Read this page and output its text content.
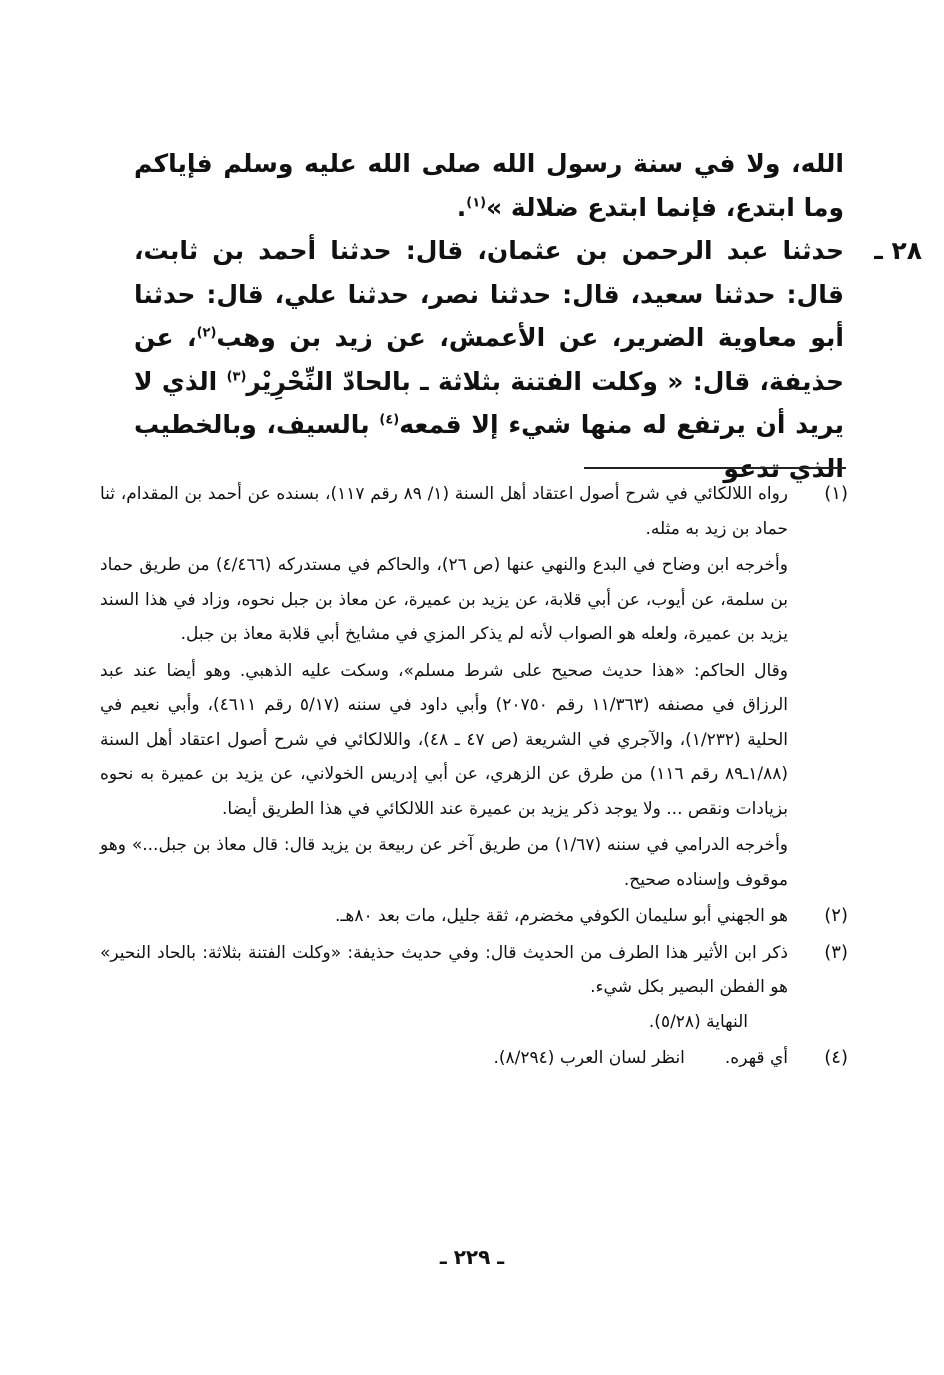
الله، ولا في سنة رسول الله صلى الله عليه وسلم فإياكم وما ابتدع، فإنما ابتدع ضلالة »$^{(١)}$.

٢٨ ـ

حدثنا عبد الرحمن بن عثمان، قال: حدثنا أحمد بن ثابت، قال: حدثنا سعيد، قال: حدثنا نصر، حدثنا علي، قال: حدثنا أبو معاوية الضرير، عن الأعمش، عن زيد بن وهب$^{(٢)}$، عن حذيفة، قال: « وكلت الفتنة بثلاثة ـ بالحادّ النِّحْرِيْر$^{(٣)}$ الذي لا يريد أن يرتفع له منها شيء إلا قمعه$^{(٤)}$ بالسيف، وبالخطيب الذي تدعو

(١)

رواه اللالكائي في شرح أصول اعتقاد أهل السنة (١/ ٨٩ رقم ١١٧)، بسنده عن أحمد بن المقدام، ثنا حماد بن زيد به مثله.

وأخرجه ابن وضاح في البدع والنهي عنها (ص ٢٦)، والحاكم في مستدركه (٤/٤٦٦) من طريق حماد بن سلمة، عن أيوب، عن أبي قلابة، عن يزيد بن عميرة، عن معاذ بن جبل نحوه، وزاد في هذا السند يزيد بن عميرة، ولعله هو الصواب لأنه لم يذكر المزي في مشايخ أبي قلابة معاذ بن جبل.

وقال الحاكم: «هذا حديث صحيح على شرط مسلم»، وسكت عليه الذهبي. وهو أيضا عند عبد الرزاق في مصنفه (١١/٣٦٣ رقم ٢٠٧٥٠) وأبي داود في سننه (٥/١٧ رقم ٤٦١١)، وأبي نعيم في الحلية (١/٢٣٢)، والآجري في الشريعة (ص ٤٧ ـ ٤٨)، واللالكائي في شرح أصول اعتقاد أهل السنة (١/٨٨ـ٨٩ رقم ١١٦) من طرق عن الزهري، عن أبي إدريس الخولاني، عن يزيد بن عميرة به نحوه بزيادات ونقص ... ولا يوجد ذكر يزيد بن عميرة عند اللالكائي في هذا الطريق أيضا.

وأخرجه الدرامي في سننه (١/٦٧) من طريق آخر عن ربيعة بن يزيد قال: قال معاذ بن جبل...» وهو موقوف وإسناده صحيح.

(٢)

هو الجهني أبو سليمان الكوفي مخضرم، ثقة جليل، مات بعد ٨٠هـ.

(٣)

ذكر ابن الأثير هذا الطرف من الحديث قال: وفي حديث حذيفة: «وكلت الفتنة بثلاثة: بالحاد النحير» هو الفطن البصير بكل شيء.

النهاية (٥/٢٨).

(٤)
أي قهره.
انظر لسان العرب (٨/٢٩٤).
ـ ٢٢٩ ـ
